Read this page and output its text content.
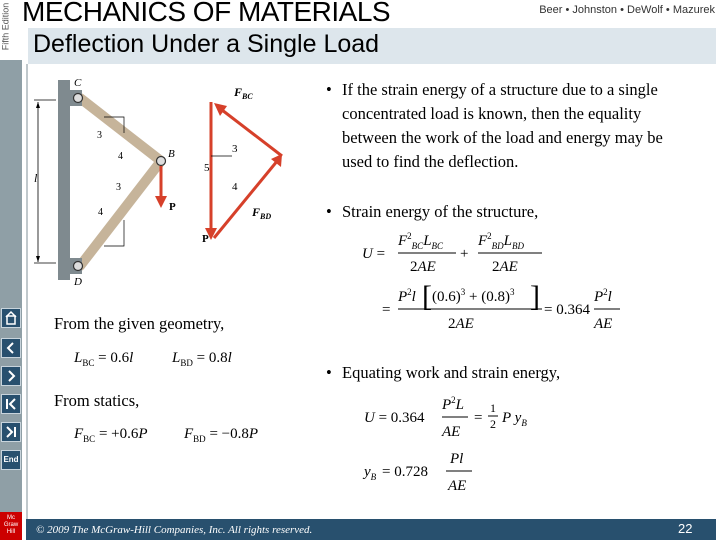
Fifth Edition
End
Mc Graw Hill
MECHANICS OF MATERIALS	Beer • Johnston • DeWolf • Mazurek
Deflection Under a Single Load
l
3
4
3
4	P
C
B
D
$F_{BC}$
$F_{BD}$
P
5
3
4
• If the strain energy of a structure due to a single concentrated load is known, then the equality between the work of the load and energy may be used to find the deflection.
• Strain energy of the structure,
• Equating work and strain energy,
U =
$F^2_{BC}L_{BC}$
2AE
+
$F^2_{BD}L_{BD}$
2AE
=
$P^2l$ [ $(0.6)^3 + (0.8)^3$ ]
2AE
= 0.364
$P^2l$
AE
U = 0.364
$P^2L$
AE
=
1
2 P $y_B$
$y_B = 0.728$
Pl
AE
From the given geometry,
$L_{BC} = 0.6l$	$L_{BD} = 0.8l$
From statics,
$F_{BC} = +0.6P$ $F_{BD} = -0.8P$
© 2009 The McGraw-Hill Companies, Inc. All rights reserved.	22
